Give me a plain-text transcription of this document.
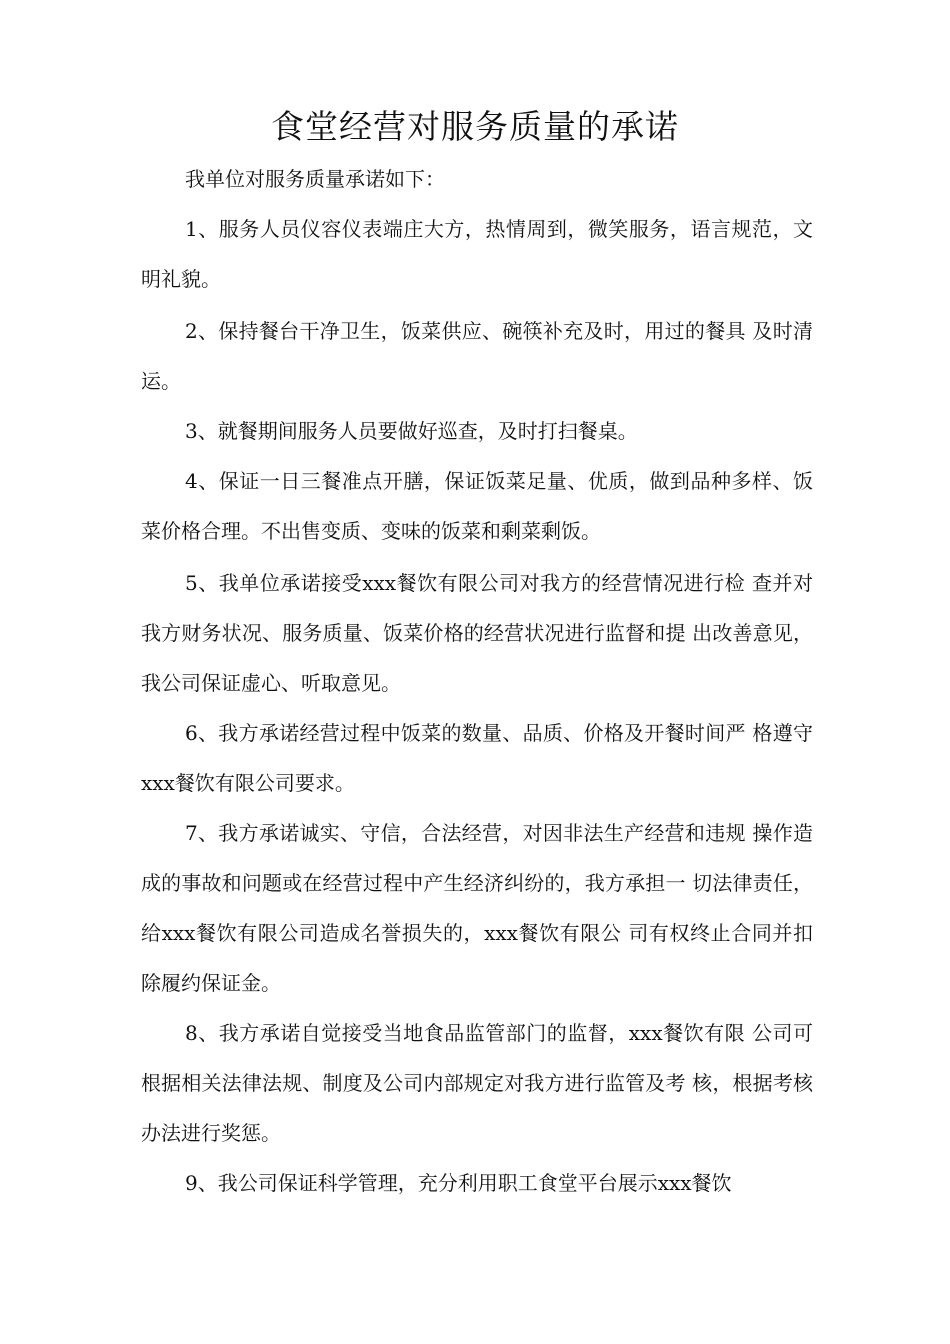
食堂经营对服务质量的承诺

我单位对服务质量承诺如下：

1、服务人员仪容仪表端庄大方，热情周到，微笑服务，语言规范，文明礼貌。

2、保持餐台干净卫生，饭菜供应、碗筷补充及时，用过的餐具 及时清运。

3、就餐期间服务人员要做好巡查，及时打扫餐桌。

4、保证一日三餐准点开膳，保证饭菜足量、优质，做到品种多样、饭菜价格合理。不出售变质、变味的饭菜和剩菜剩饭。

5、我单位承诺接受xxx餐饮有限公司对我方的经营情况进行检 查并对我方财务状况、服务质量、饭菜价格的经营状况进行监督和提 出改善意见，我公司保证虚心、听取意见。

6、我方承诺经营过程中饭菜的数量、品质、价格及开餐时间严 格遵守xxx餐饮有限公司要求。

7、我方承诺诚实、守信，合法经营，对因非法生产经营和违规 操作造成的事故和问题或在经营过程中产生经济纠纷的，我方承担一 切法律责任，给xxx餐饮有限公司造成名誉损失的，xxx餐饮有限公 司有权终止合同并扣除履约保证金。

8、我方承诺自觉接受当地食品监管部门的监督，xxx餐饮有限 公司可根据相关法律法规、制度及公司内部规定对我方进行监管及考 核，根据考核办法进行奖惩。

9、我公司保证科学管理，充分利用职工食堂平台展示xxx餐饮
